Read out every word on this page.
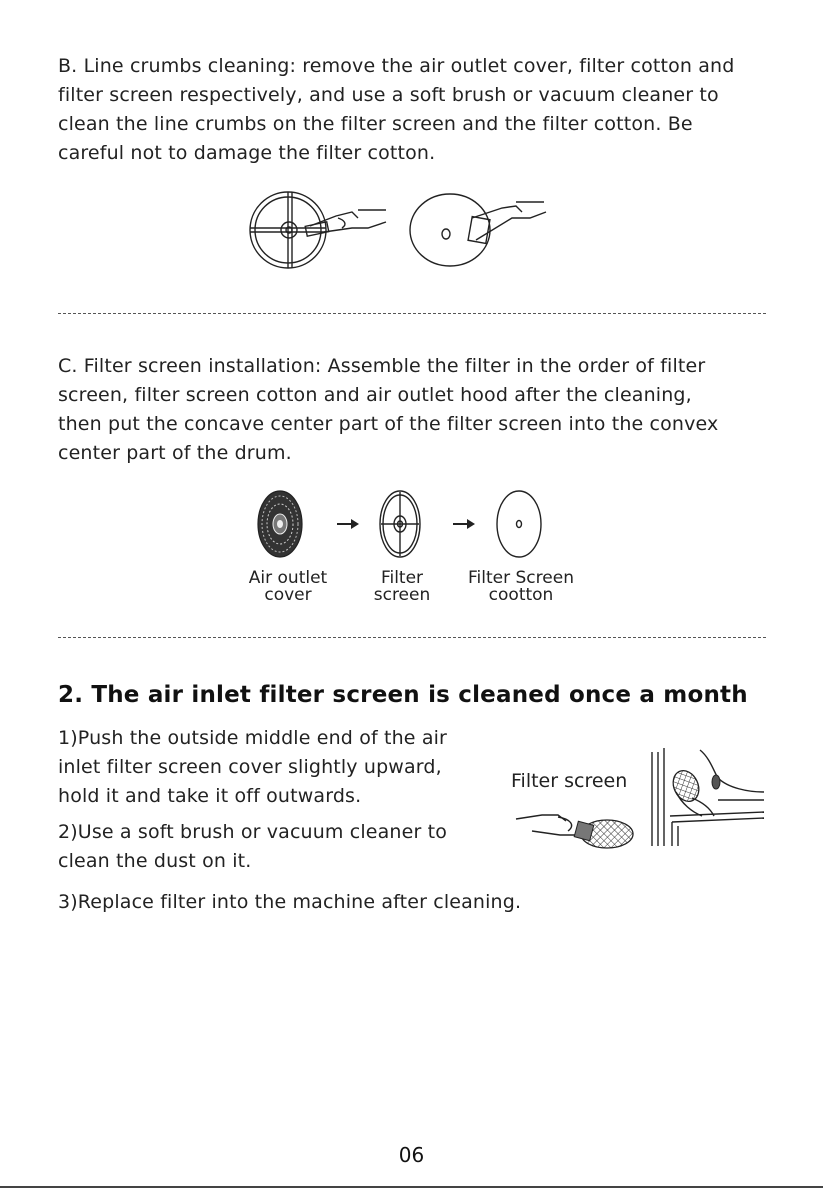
B. Line crumbs cleaning: remove the air outlet cover, filter cotton and
filter screen respectively, and use a soft brush or vacuum cleaner to
clean the line crumbs on the filter screen and the filter cotton. Be
careful not to damage the filter cotton.
C. Filter screen installation: Assemble the filter in the order of filter
screen, filter screen cotton and air outlet hood after the cleaning,
then put the concave center part of the filter screen into the convex
center part of the drum.
Air outlet
cover
Filter
screen
Filter Screen
cootton
2. The air inlet filter screen is cleaned once a month
1)Push the outside middle end of the air
inlet filter screen cover slightly upward,
hold it and take it off outwards.
2)Use a soft brush or vacuum cleaner to
clean the dust on it.
3)Replace filter into the machine after cleaning.
Filter screen
06
